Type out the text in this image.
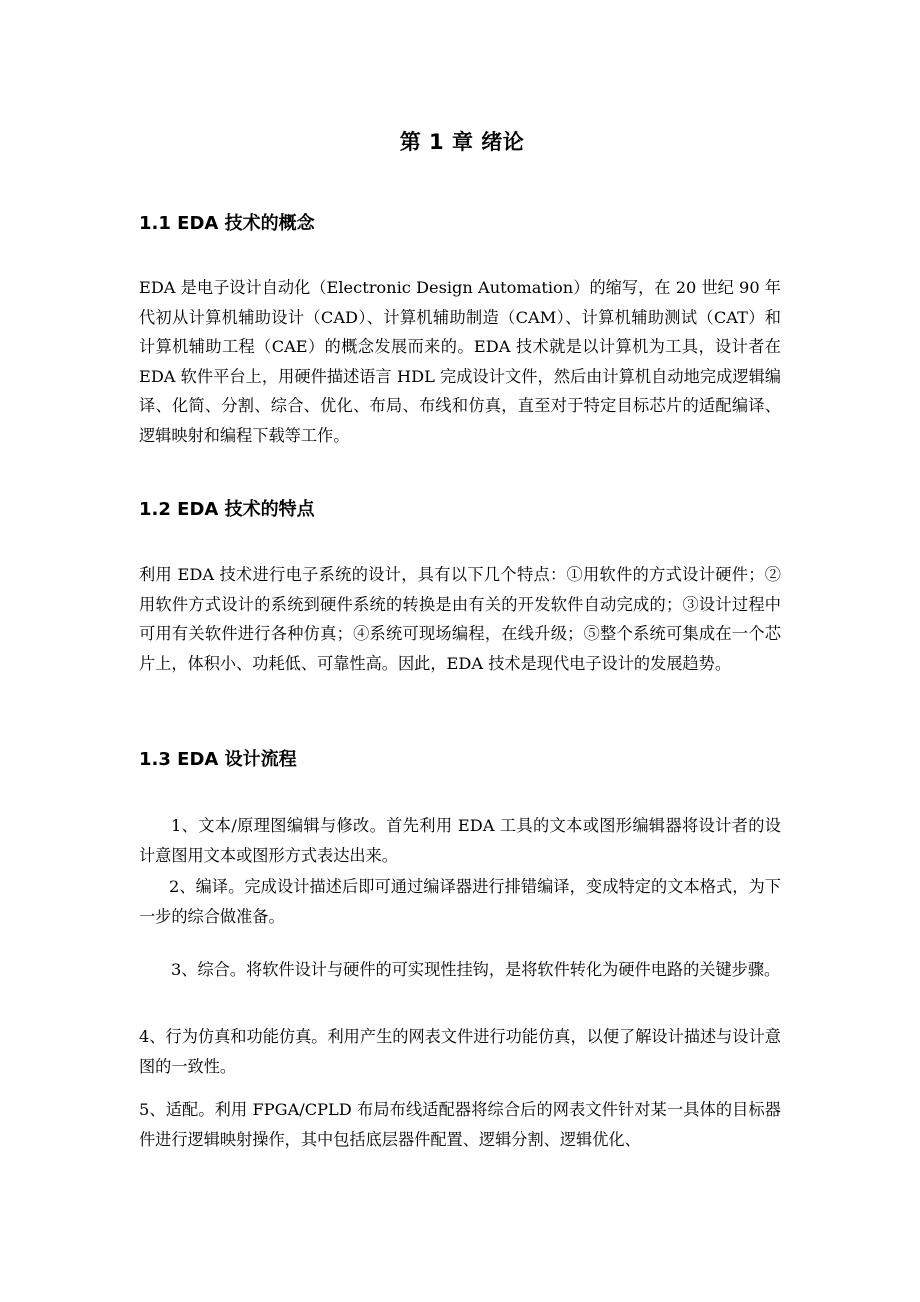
第 1 章 绪论
1.1 EDA 技术的概念
EDA 是电子设计自动化（Electronic Design Automation）的缩写，在 20 世纪 90 年代初从计算机辅助设计（CAD）、计算机辅助制造（CAM）、计算机辅助测试（CAT）和计算机辅助工程（CAE）的概念发展而来的。EDA 技术就是以计算机为工具，设计者在 EDA 软件平台上，用硬件描述语言 HDL 完成设计文件，然后由计算机自动地完成逻辑编译、化简、分割、综合、优化、布局、布线和仿真，直至对于特定目标芯片的适配编译、逻辑映射和编程下载等工作。
1.2 EDA 技术的特点
利用 EDA 技术进行电子系统的设计，具有以下几个特点：①用软件的方式设计硬件；②用软件方式设计的系统到硬件系统的转换是由有关的开发软件自动完成的；③设计过程中可用有关软件进行各种仿真；④系统可现场编程，在线升级；⑤整个系统可集成在一个芯片上，体积小、功耗低、可靠性高。因此，EDA 技术是现代电子设计的发展趋势。
1.3 EDA 设计流程
1、文本/原理图编辑与修改。首先利用 EDA 工具的文本或图形编辑器将设计者的设计意图用文本或图形方式表达出来。
2、编译。完成设计描述后即可通过编译器进行排错编译，变成特定的文本格式，为下一步的综合做准备。
3、综合。将软件设计与硬件的可实现性挂钩，是将软件转化为硬件电路的关键步骤。
4、行为仿真和功能仿真。利用产生的网表文件进行功能仿真，以便了解设计描述与设计意图的一致性。
5、适配。利用 FPGA/CPLD 布局布线适配器将综合后的网表文件针对某一具体的目标器件进行逻辑映射操作，其中包括底层器件配置、逻辑分割、逻辑优化、
